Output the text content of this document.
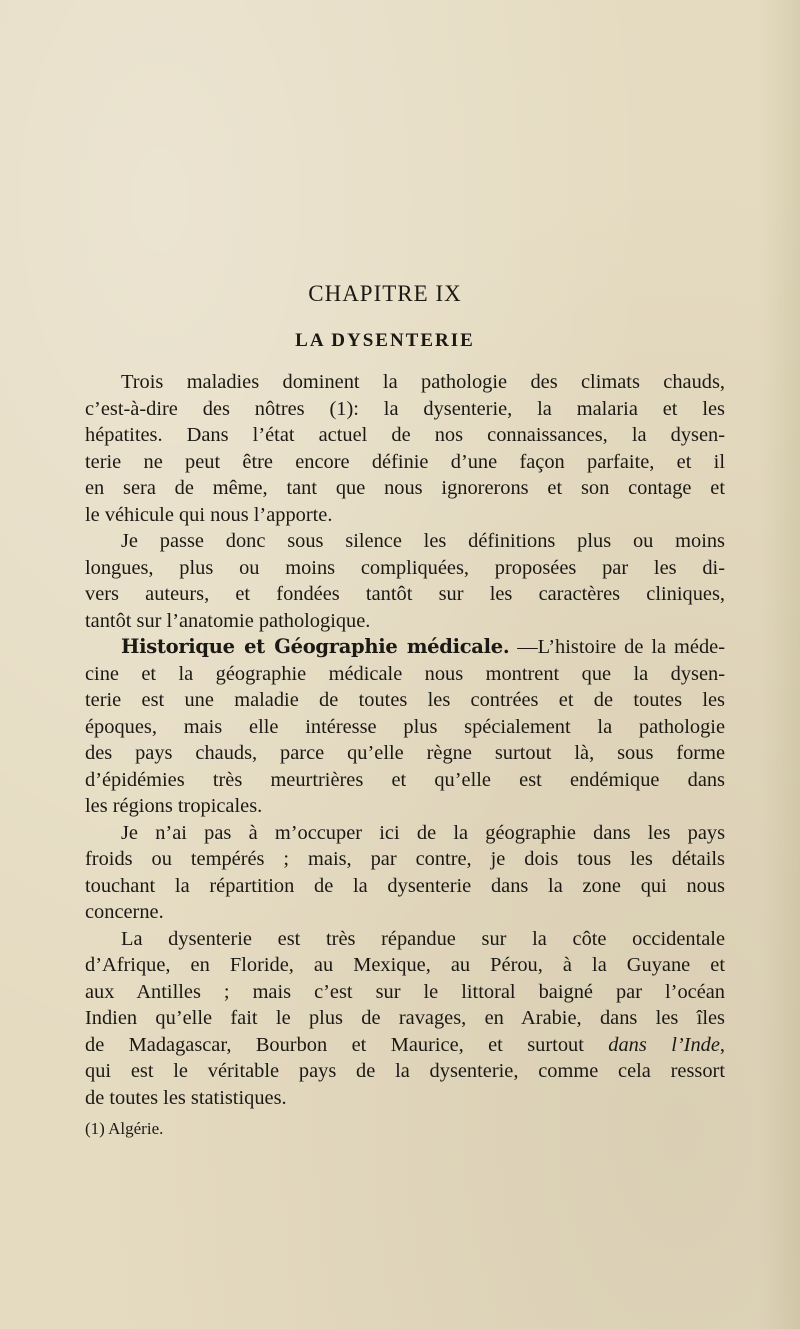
CHAPITRE IX
LA DYSENTERIE
Trois maladies dominent la pathologie des climats chauds,
c’est-à-dire des nôtres (1): la dysenterie, la malaria et les
hépatites. Dans l’état actuel de nos connaissances, la dysen-
terie ne peut être encore définie d’une façon parfaite, et il
en sera de même, tant que nous ignorerons et son contage et
le véhicule qui nous l’apporte.
Je passe donc sous silence les définitions plus ou moins
longues, plus ou moins compliquées, proposées par les di-
vers auteurs, et fondées tantôt sur les caractères cliniques,
tantôt sur l’anatomie pathologique.
Historique et Géographie médicale. —L’histoire de la méde-
cine et la géographie médicale nous montrent que la dysen-
terie est une maladie de toutes les contrées et de toutes les
époques, mais elle intéresse plus spécialement la pathologie
des pays chauds, parce qu’elle règne surtout là, sous forme
d’épidémies très meurtrières et qu’elle est endémique dans
les régions tropicales.
Je n’ai pas à m’occuper ici de la géographie dans les pays
froids ou tempérés ; mais, par contre, je dois tous les détails
touchant la répartition de la dysenterie dans la zone qui nous
concerne.
La dysenterie est très répandue sur la côte occidentale
d’Afrique, en Floride, au Mexique, au Pérou, à la Guyane et
aux Antilles ; mais c’est sur le littoral baigné par l’océan
Indien qu’elle fait le plus de ravages, en Arabie, dans les îles
de Madagascar, Bourbon et Maurice, et surtout dans l’Inde,
qui est le véritable pays de la dysenterie, comme cela ressort
de toutes les statistiques.
(1) Algérie.
